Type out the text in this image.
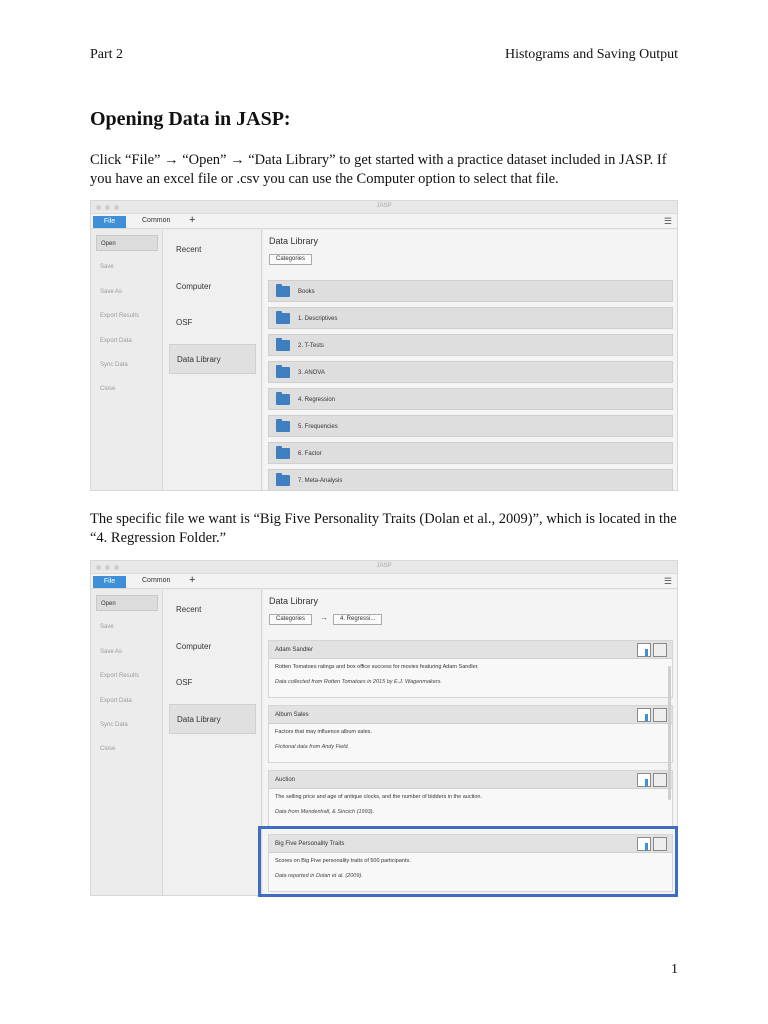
Part 2	Histograms and Saving Output
Opening Data in JASP:
Click “File” → “Open” → “Data Library” to get started with a practice dataset included in JASP. If you have an excel file or .csv you can use the Computer option to select that file.
JASP
File	Common +	☰
Open
Save
Save As
Export Results
Export Data
Sync Data
Close
Recent
Computer
OSF
Data Library
Data Library
Categories
Books
1. Descriptives
2. T-Tests
3. ANOVA
4. Regression
5. Frequencies
6. Factor
7. Meta-Analysis
The specific file we want is “Big Five Personality Traits (Dolan et al., 2009)”, which is located in the “4. Regression Folder.”
JASP
File	Common +	☰
Open
Save
Save As
Export Results
Export Data
Sync Data
Close
Recent
Computer
OSF
Data Library
Data Library
Categories	→	4. Regressi...
Adam Sandler
Rotten Tomatoes ratings and box office success for movies featuring Adam Sandler.
Data collected from Rotten Tomatoes in 2015 by E.J. Wagenmakers.
Album Sales
Factors that may influence album sales.
Fictional data from Andy Field.
Auction
The selling price and age of antique clocks, and the number of bidders in the auction.
Data from Mendenhall, & Sincich (1993).
Big Five Personality Traits
Scores on Big Five personality traits of 500 participants.
Data reported in Dolan et al. (2009).
1
